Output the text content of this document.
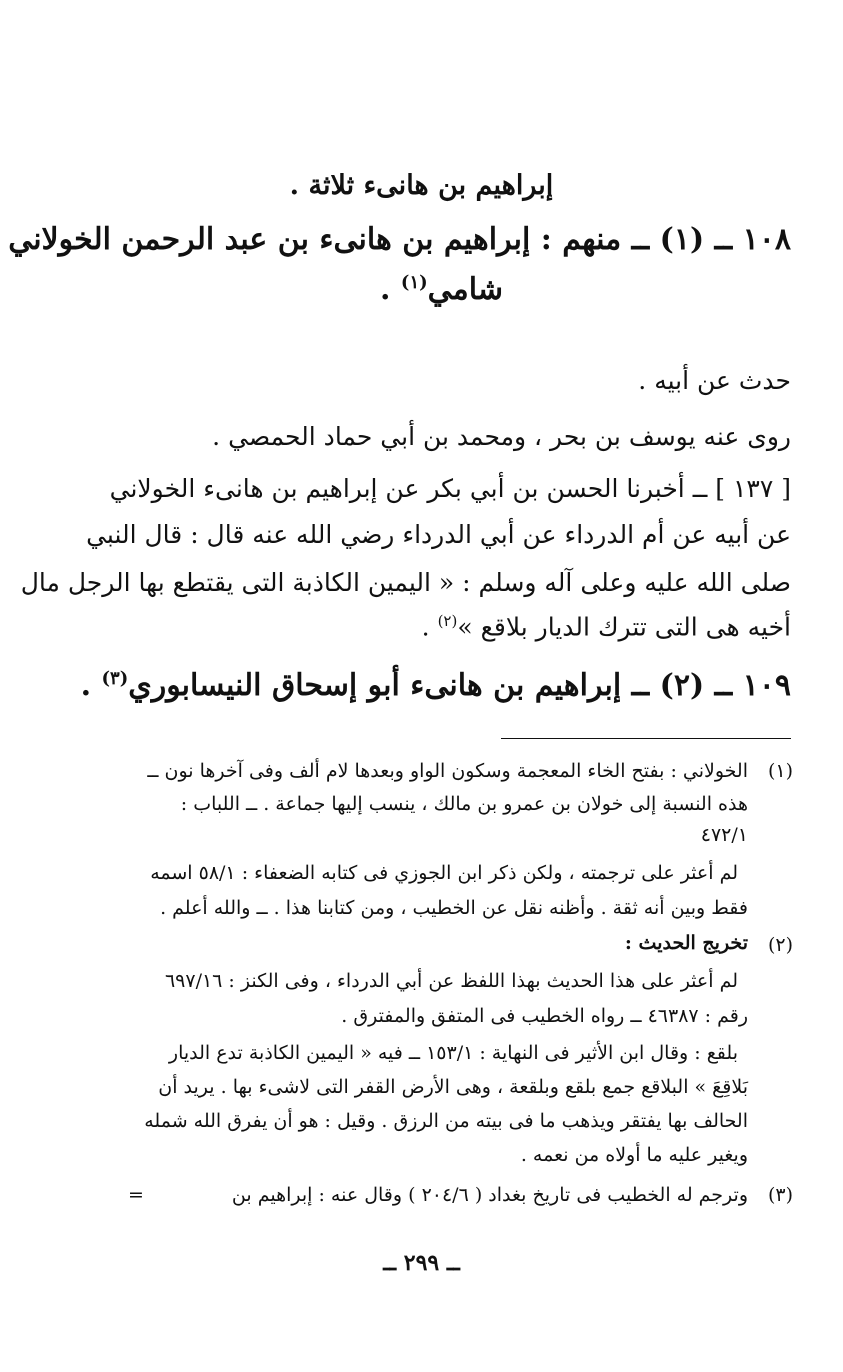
إبراهيم بن هانىء ثلاثة .
١٠٨ ــ (١) ــ منهم : إبراهيم بن هانىء بن عبد الرحمن الخولاني
شامي$^{(١)}$ .
حدث عن أبيه .
روى عنه يوسف بن بحر ، ومحمد بن أبي حماد الحمصي .
[ ١٣٧ ] ــ أخبرنا الحسن بن أبي بكر عن إبراهيم بن هانىء الخولاني
عن أبيه عن أم الدرداء عن أبي الدرداء رضي الله عنه قال : قال النبي
صلى الله عليه وعلى آله وسلم : « اليمين الكاذبة التى يقتطع بها الرجل مال
أخيه هى التى تترك الديار بلاقع »$^{(٢)}$ .
١٠٩ ــ (٢) ــ إبراهيم بن هانىء أبو إسحاق النيسابوري$^{(٣)}$ .
(١)
الخولاني : بفتح الخاء المعجمة وسكون الواو وبعدها لام ألف وفى آخرها نون ــ
هذه النسبة إلى خولان بن عمرو بن مالك ، ينسب إليها جماعة . ــ اللباب :
٤٧٢/١
لم أعثر على ترجمته ، ولكن ذكر ابن الجوزي فى كتابه الضعفاء : ٥٨/١ اسمه
فقط وبين أنه ثقة . وأظنه نقل عن الخطيب ، ومن كتابنا هذا . ــ والله أعلم .
(٢)
تخريج الحديث :
لم أعثر على هذا الحديث بهذا اللفظ عن أبي الدرداء ، وفى الكنز : ٦٩٧/١٦
رقم : ٤٦٣٨٧ ــ رواه الخطيب فى المتفق والمفترق .
بلقع : وقال ابن الأثير فى النهاية : ١٥٣/١ ــ فيه « اليمين الكاذبة تدع الديار
بَلاقِعَ » البلاقع جمع بلقع وبلقعة ، وهى الأرض القفر التى لاشىء بها . يريد أن
الحالف بها يفتقر ويذهب ما فى بيته من الرزق . وقيل : هو أن يفرق الله شمله
ويغير عليه ما أولاه من نعمه .
(٣)
وترجم له الخطيب فى تاريخ بغداد ( ٢٠٤/٦ ) وقال عنه : إبراهيم بن
=
ــ ٢٩٩ ــ
